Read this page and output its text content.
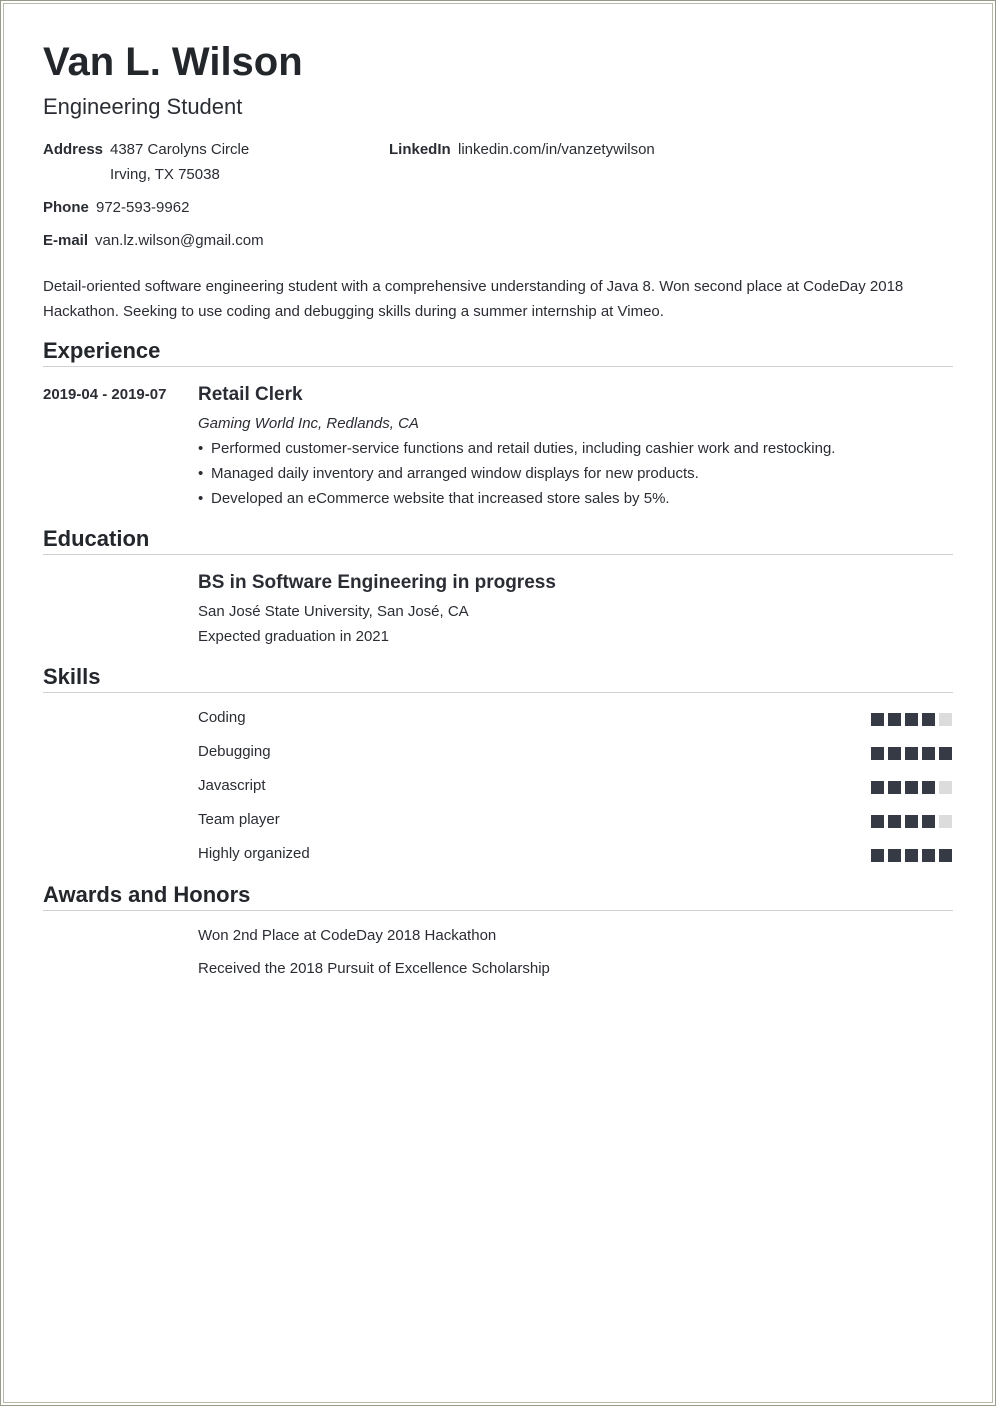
Van L. Wilson
Engineering Student
Address 4387 Carolyns Circle
Irving, TX 75038
LinkedIn linkedin.com/in/vanzetywilson
Phone 972-593-9962
E-mail van.lz.wilson@gmail.com

Detail-oriented software engineering student with a comprehensive understanding of Java 8. Won second place at CodeDay 2018 Hackathon. Seeking to use coding and debugging skills during a summer internship at Vimeo.

Experience
2019-04 - 2019-07 Retail Clerk
Gaming World Inc, Redlands, CA
• Performed customer-service functions and retail duties, including cashier work and restocking.
• Managed daily inventory and arranged window displays for new products.
• Developed an eCommerce website that increased store sales by 5%.
Education
BS in Software Engineering in progress
San José State University, San José, CA
Expected graduation in 2021
Skills
Coding
Debugging
Javascript
Team player
Highly organized
Awards and Honors
Won 2nd Place at CodeDay 2018 Hackathon
Received the 2018 Pursuit of Excellence Scholarship
